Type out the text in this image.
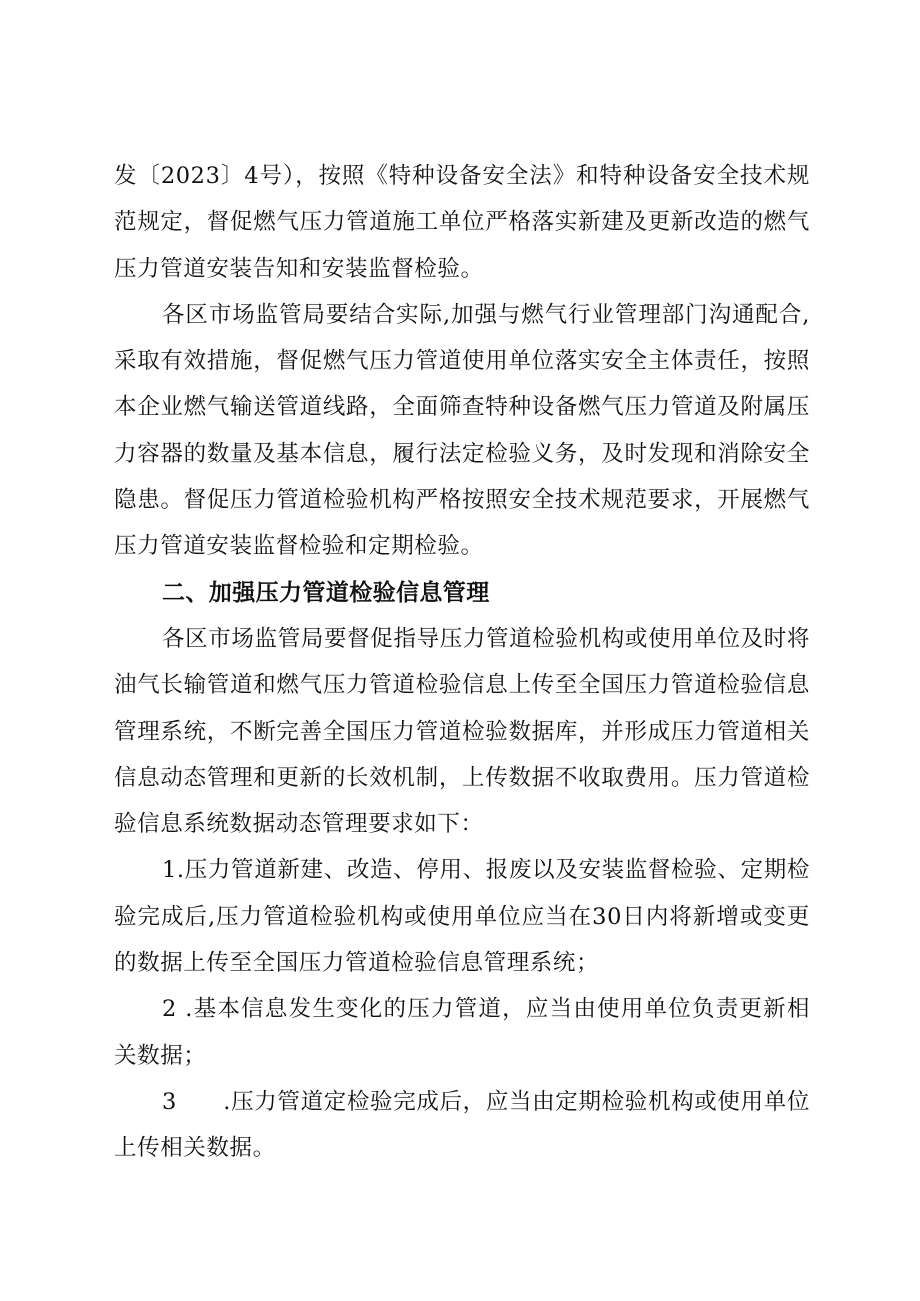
发〔2023〕4号），按照《特种设备安全法》和特种设备安全技术规范规定，督促燃气压力管道施工单位严格落实新建及更新改造的燃气压力管道安装告知和安装监督检验。

各区市场监管局要结合实际,加强与燃气行业管理部门沟通配合,采取有效措施，督促燃气压力管道使用单位落实安全主体责任，按照本企业燃气输送管道线路，全面筛查特种设备燃气压力管道及附属压力容器的数量及基本信息，履行法定检验义务，及时发现和消除安全隐患。督促压力管道检验机构严格按照安全技术规范要求，开展燃气压力管道安装监督检验和定期检验。

二、加强压力管道检验信息管理

各区市场监管局要督促指导压力管道检验机构或使用单位及时将油气长输管道和燃气压力管道检验信息上传至全国压力管道检验信息管理系统，不断完善全国压力管道检验数据库，并形成压力管道相关信息动态管理和更新的长效机制，上传数据不收取费用。压力管道检验信息系统数据动态管理要求如下：

1.压力管道新建、改造、停用、报废以及安装监督检验、定期检验完成后,压力管道检验机构或使用单位应当在30日内将新增或变更的数据上传至全国压力管道检验信息管理系统；

2 .基本信息发生变化的压力管道，应当由使用单位负责更新相关数据；

3　　.压力管道定检验完成后，应当由定期检验机构或使用单位上传相关数据。
